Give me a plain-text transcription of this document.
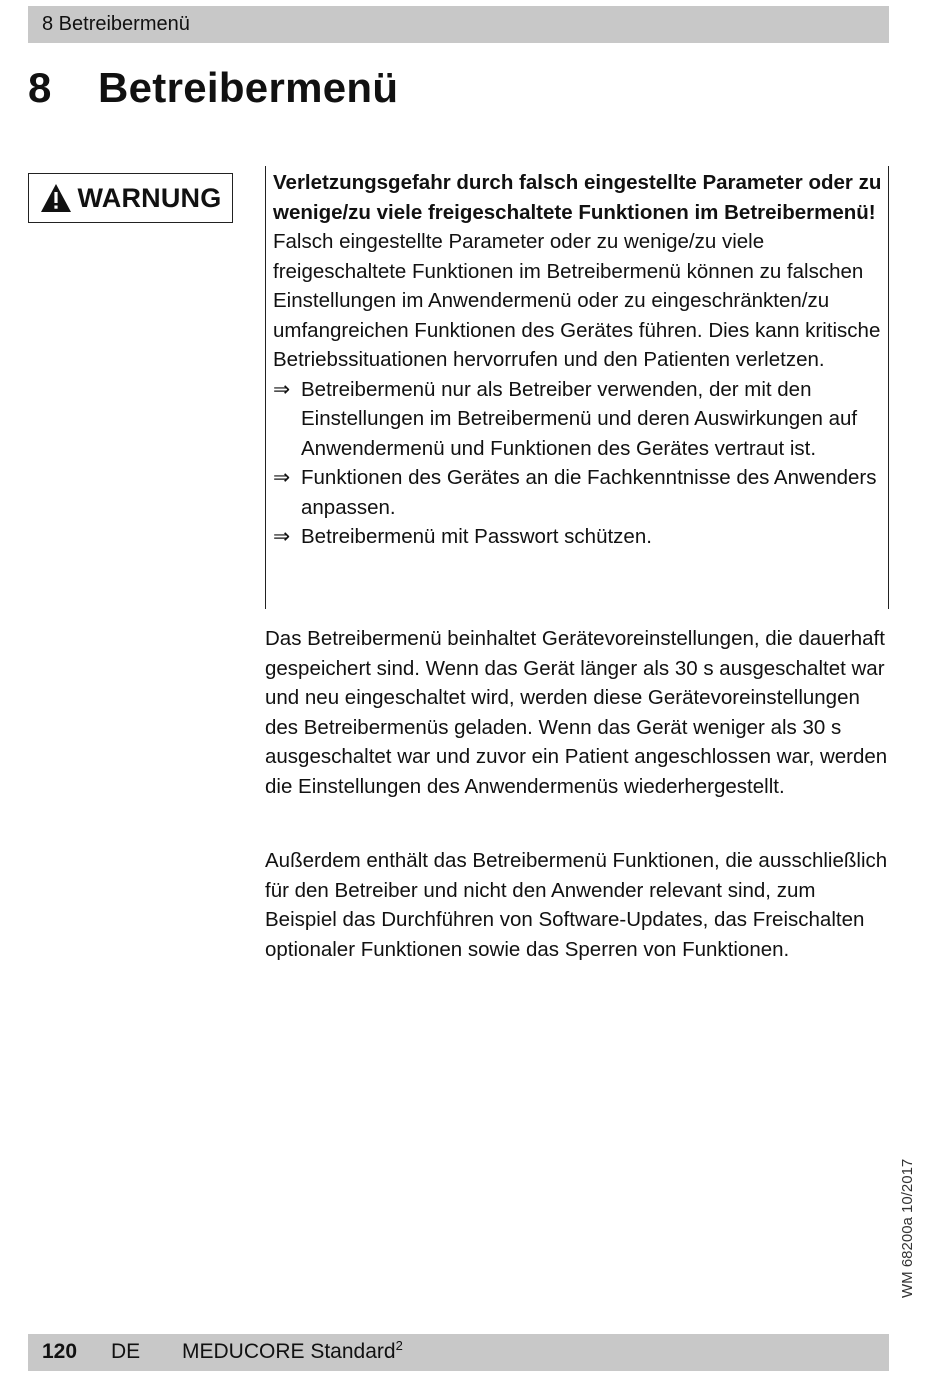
8 Betreibermenü
8 Betreibermenü
WARNUNG	Verletzungsgefahr durch falsch eingestellte Parameter oder zu wenige/zu viele freigeschaltete Funktionen im Betreibermenü!

Falsch eingestellte Parameter oder zu wenige/zu viele freigeschaltete Funktionen im Betreibermenü können zu falschen Einstellungen im Anwendermenü oder zu eingeschränkten/zu umfangreichen Funktionen des Gerätes führen. Dies kann kritische Betriebssituationen hervorrufen und den Patienten verletzen.

⇒ Betreibermenü nur als Betreiber verwenden, der mit den Einstellungen im Betreibermenü und deren Auswirkungen auf Anwendermenü und Funktionen des Gerätes vertraut ist.

⇒ Funktionen des Gerätes an die Fachkenntnisse des Anwenders anpassen.

⇒ Betreibermenü mit Passwort schützen.

Das Betreibermenü beinhaltet Gerätevoreinstellungen, die dauerhaft gespeichert sind. Wenn das Gerät länger als 30 s ausgeschaltet war und neu eingeschaltet wird, werden diese Gerätevoreinstellungen des Betreibermenüs geladen. Wenn das Gerät weniger als 30 s ausgeschaltet war und zuvor ein Patient angeschlossen war, werden die Einstellungen des Anwendermenüs wiederhergestellt.

Außerdem enthält das Betreibermenü Funktionen, die ausschließlich für den Betreiber und nicht den Anwender relevant sind, zum Beispiel das Durchführen von Software-Updates, das Freischalten optionaler Funktionen sowie das Sperren von Funktionen.

WM 68200a 10/2017
120 DE MEDUCORE Standard$^2$
